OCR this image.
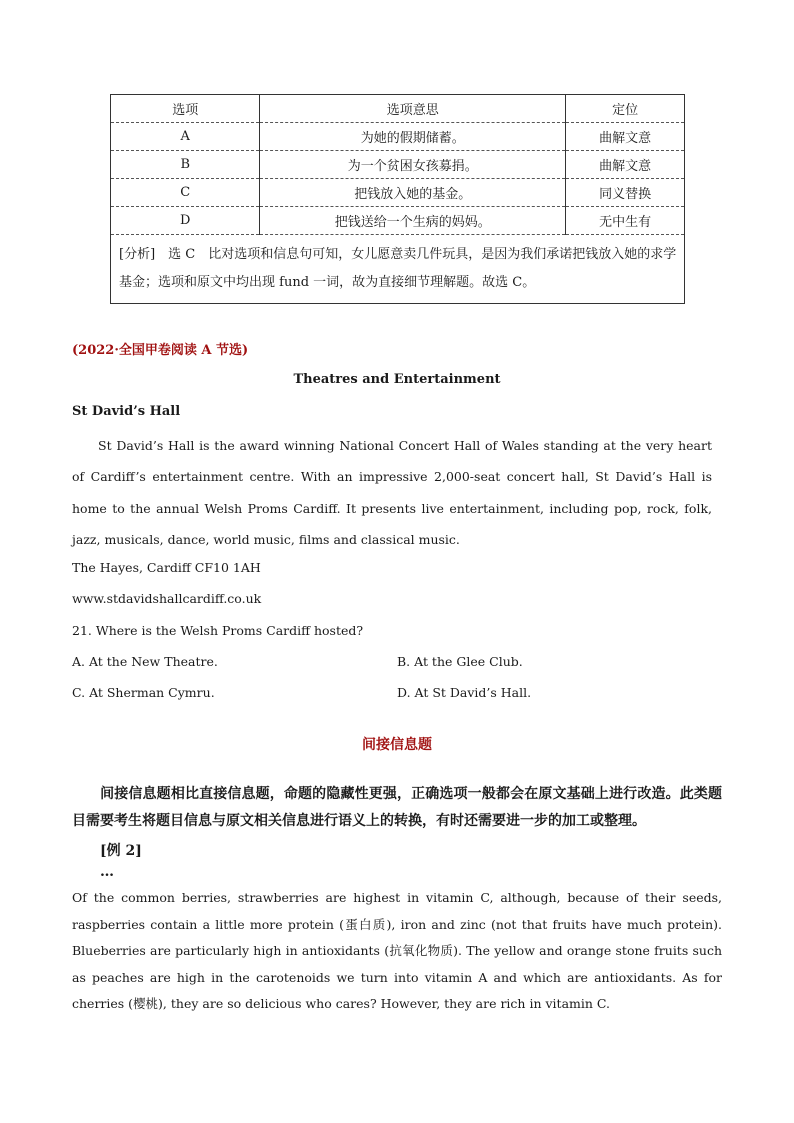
选项	选项意思	定位
A	为她的假期储蓄。	曲解文意
B	为一个贫困女孩募捐。	曲解文意
C	把钱放入她的基金。	同义替换
D	把钱送给一个生病的妈妈。	无中生有
[分析]　选 C　比对选项和信息句可知，女儿愿意卖几件玩具，是因为我们承诺把钱放入她的求学基金；选项和原文中均出现 fund 一词，故为直接细节理解题。故选 C。		
(2022·全国甲卷阅读 A 节选)
Theatres and Entertainment
St David’s Hall
St David’s Hall is the award winning National Concert Hall of Wales standing at the very heart of Cardiff’s entertainment centre. With an impressive 2,000-seat concert hall, St David’s Hall is home to the annual Welsh Proms Cardiff. It presents live entertainment, including pop, rock, folk, jazz, musicals, dance, world music, films and classical music.
The Hayes, Cardiff CF10 1AH
www.stdavidshallcardiff.co.uk
21. Where is the Welsh Proms Cardiff hosted?
A. At the New Theatre.	B. At the Glee Club.
C. At Sherman Cymru.	D. At St David’s Hall.
间接信息题
间接信息题相比直接信息题，命题的隐藏性更强，正确选项一般都会在原文基础上进行改造。此类题目需要考生将题目信息与原文相关信息进行语义上的转换，有时还需要进一步的加工或整理。
[例 2]
…
Of the common berries, strawberries are highest in vitamin C, although, because of their seeds, raspberries contain a little more protein (蛋白质), iron and zinc (not that fruits have much protein). Blueberries are particularly high in antioxidants (抗氧化物质). The yellow and orange stone fruits such as peaches are high in the carotenoids we turn into vitamin A and which are antioxidants. As for cherries (樱桃), they are so delicious who cares? However, they are rich in vitamin C.
